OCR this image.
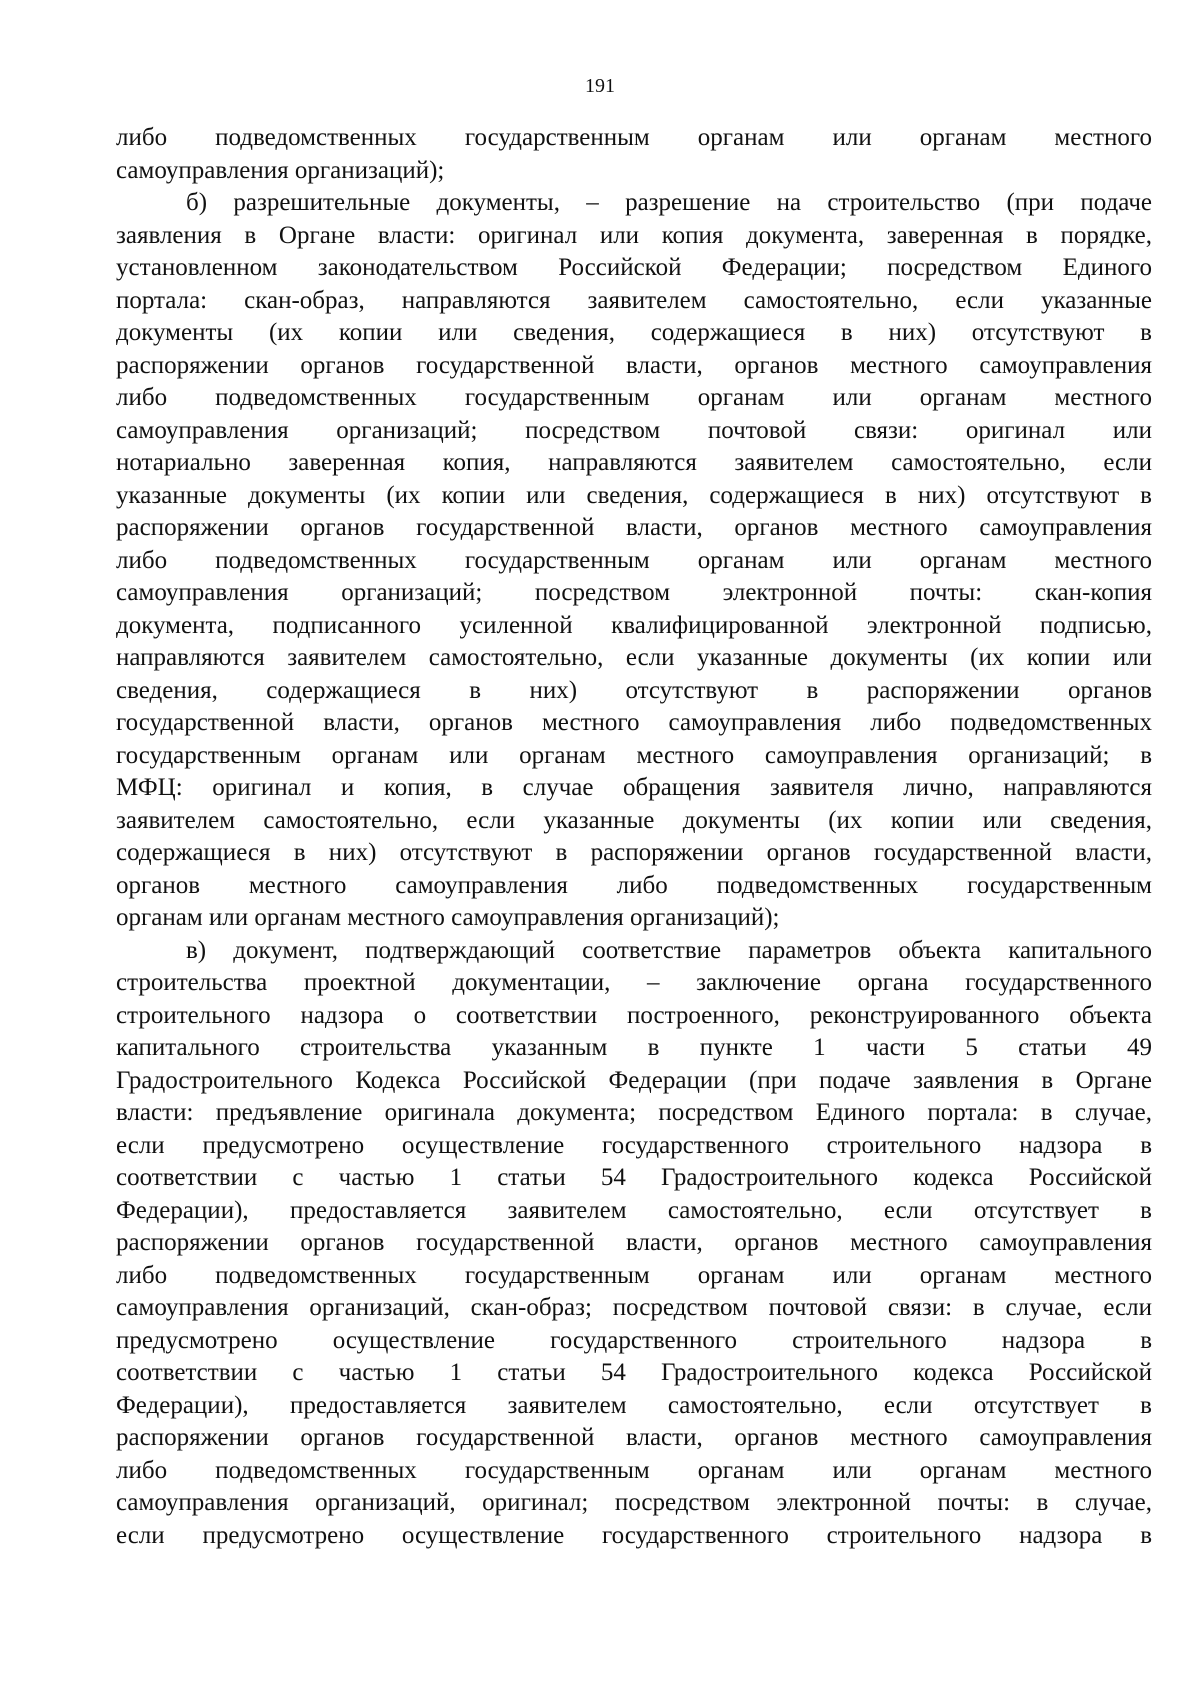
191
либо подведомственных государственным органам или органам местного
самоуправления организаций);
б) разрешительные документы, – разрешение на строительство (при подаче
заявления в Органе власти: оригинал или копия документа, заверенная в порядке,
установленном законодательством Российской Федерации; посредством Единого
портала: скан-образ, направляются заявителем самостоятельно, если указанные
документы (их копии или сведения, содержащиеся в них) отсутствуют в
распоряжении органов государственной власти, органов местного самоуправления
либо подведомственных государственным органам или органам местного
самоуправления организаций; посредством почтовой связи: оригинал или
нотариально заверенная копия, направляются заявителем самостоятельно, если
указанные документы (их копии или сведения, содержащиеся в них) отсутствуют в
распоряжении органов государственной власти, органов местного самоуправления
либо подведомственных государственным органам или органам местного
самоуправления организаций; посредством электронной почты: скан-копия
документа, подписанного усиленной квалифицированной электронной подписью,
направляются заявителем самостоятельно, если указанные документы (их копии или
сведения, содержащиеся в них) отсутствуют в распоряжении органов
государственной власти, органов местного самоуправления либо подведомственных
государственным органам или органам местного самоуправления организаций; в
МФЦ: оригинал и копия, в случае обращения заявителя лично, направляются
заявителем самостоятельно, если указанные документы (их копии или сведения,
содержащиеся в них) отсутствуют в распоряжении органов государственной власти,
органов местного самоуправления либо подведомственных государственным
органам или органам местного самоуправления организаций);
в) документ, подтверждающий соответствие параметров объекта капитального
строительства проектной документации, – заключение органа государственного
строительного надзора о соответствии построенного, реконструированного объекта
капитального строительства указанным в пункте 1 части 5 статьи 49
Градостроительного Кодекса Российской Федерации (при подаче заявления в Органе
власти: предъявление оригинала документа; посредством Единого портала: в случае,
если предусмотрено осуществление государственного строительного надзора в
соответствии с частью 1 статьи 54 Градостроительного кодекса Российской
Федерации), предоставляется заявителем самостоятельно, если отсутствует в
распоряжении органов государственной власти, органов местного самоуправления
либо подведомственных государственным органам или органам местного
самоуправления организаций, скан-образ; посредством почтовой связи: в случае, если
предусмотрено осуществление государственного строительного надзора в
соответствии с частью 1 статьи 54 Градостроительного кодекса Российской
Федерации), предоставляется заявителем самостоятельно, если отсутствует в
распоряжении органов государственной власти, органов местного самоуправления
либо подведомственных государственным органам или органам местного
самоуправления организаций, оригинал; посредством электронной почты: в случае,
если предусмотрено осуществление государственного строительного надзора в
